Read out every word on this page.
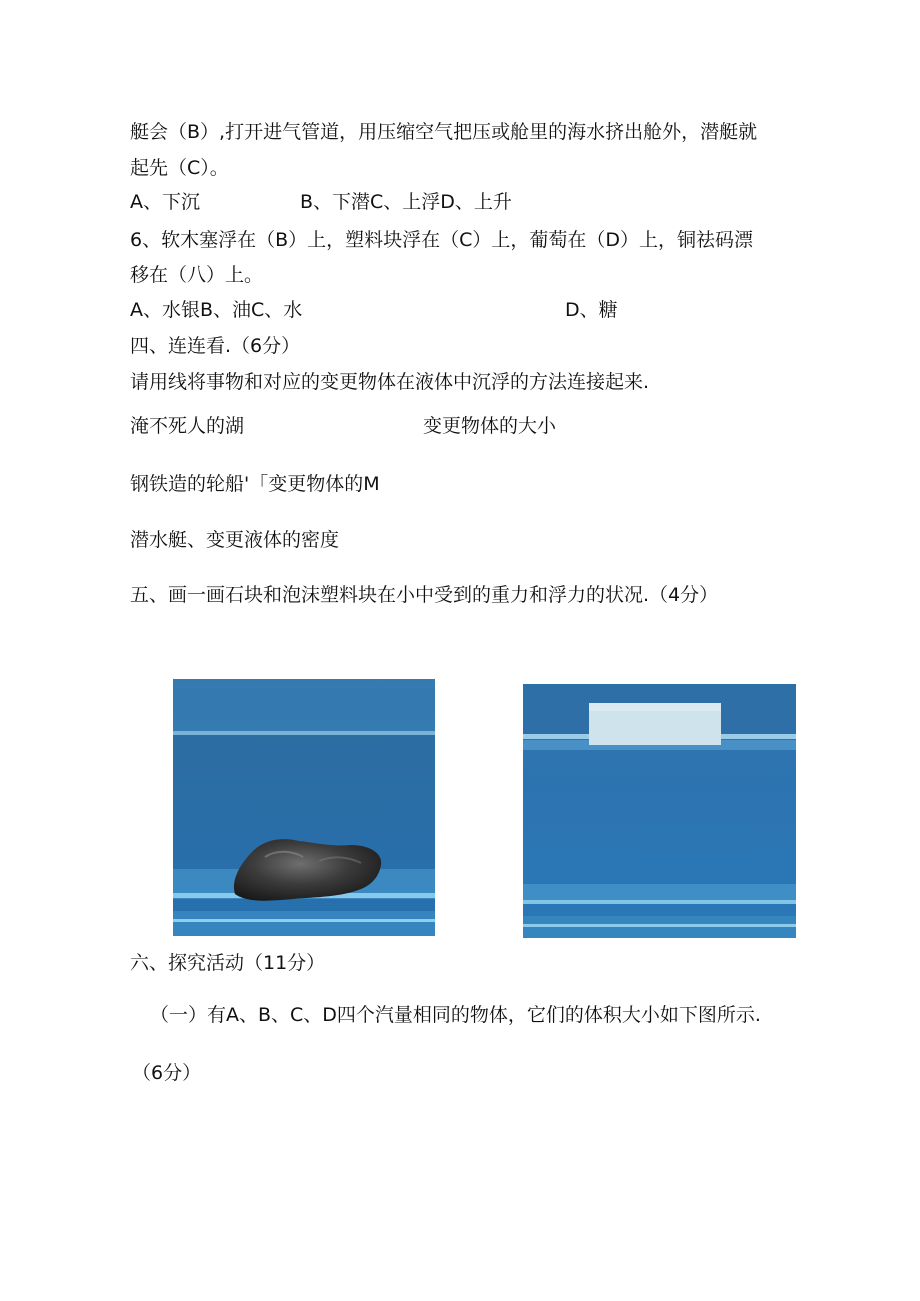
艇会（B）,打开进气管道，用压缩空气把压或舱里的海水挤出舱外，潜艇就
起先（C）。
A、下沉	B、下潜C、上浮D、上升
6、软木塞浮在（B）上，塑料块浮在（C）上，葡萄在（D）上，铜祛码漂
移在（八）上。
A、水银B、油C、水	D、糖
四、连连看.（6分）
请用线将事物和对应的变更物体在液体中沉浮的方法连接起来.
淹不死人的湖	变更物体的大小
钢铁造的轮船'「变更物体的M
潜水艇、变更液体的密度
五、画一画石块和泡沫塑料块在小中受到的重力和浮力的状况.（4分）
六、探究活动（11分）
（一）有A、B、C、D四个汽量相同的物体，它们的体积大小如下图所示.
（6分）
